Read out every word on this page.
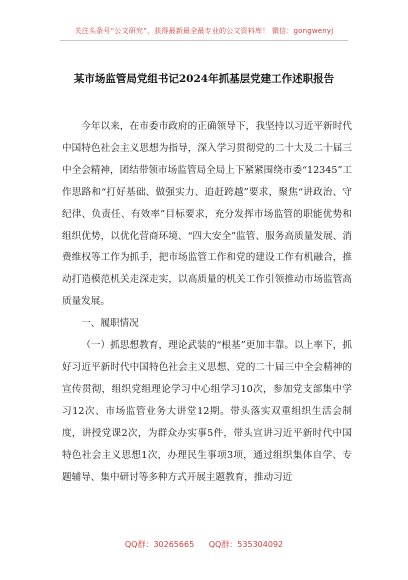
关注头条号“公文研究”，获得最新最全最专业的公文资料库！ 微信：gongwenyj
某市场监管局党组书记2024年抓基层党建工作述职报告

今年以来，在市委市政府的正确领导下，我坚持以习近平新时代中国特色社会主义思想为指导，深入学习贯彻党的二十大及二十届三中全会精神，团结带领市场监管局全局上下紧紧围绕市委“12345”工作思路和“打好基础、做强实力、追赶跨越”要求，聚焦“讲政治、守纪律、负责任、有效率”目标要求，充分发挥市场监管的职能优势和组织优势，以优化营商环境、“四大安全”监管、服务高质量发展、消费维权等工作为抓手，把市场监管工作和党的建设工作有机融合，推动打造模范机关走深走实，以高质量的机关工作引领推动市场监管高质量发展。

一、履职情况

（一）抓思想教育，理论武装的“根基”更加丰靠。以上率下，抓好习近平新时代中国特色社会主义思想、党的二十届三中全会精神的宣传贯彻，组织党组理论学习中心组学习10次，参加党支部集中学习12次、市场监管业务大讲堂12期。带头落实双重组织生活会制度，讲授党课2次，为群众办实事5件，带头宣讲习近平新时代中国特色社会主义思想1次，办理民生事项3项，通过组织集体自学、专题辅导、集中研讨等多种方式开展主题教育，推动习近

QQ群：30265665 QQ群：535304092
